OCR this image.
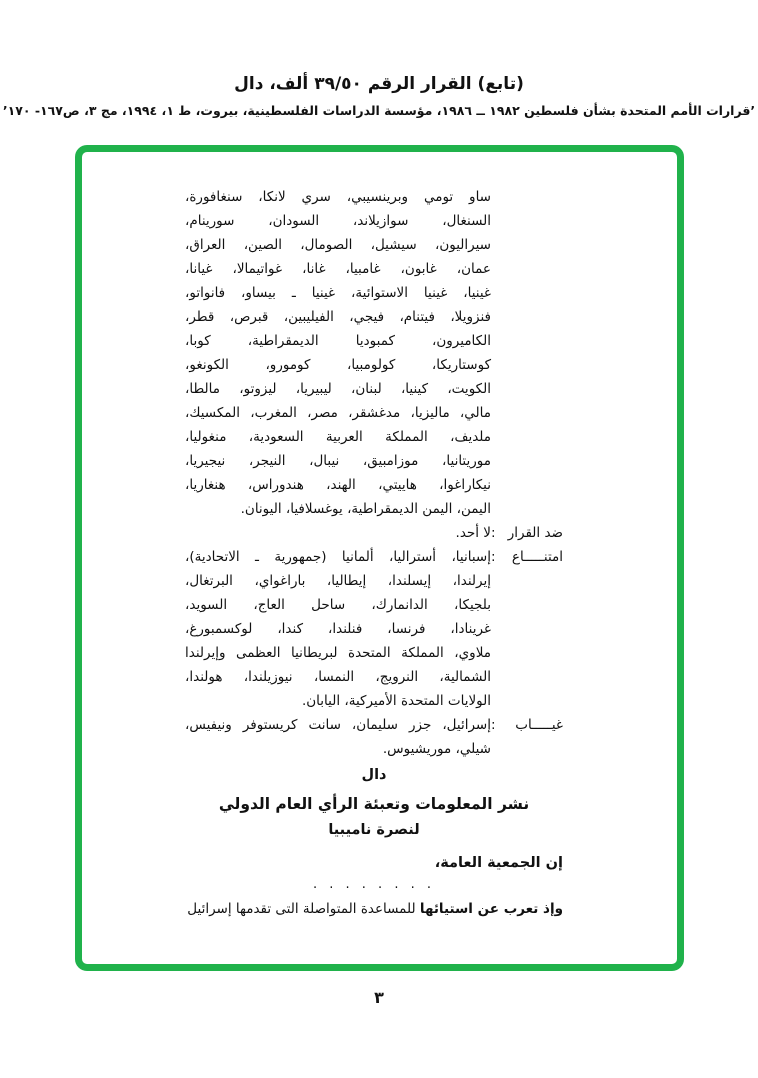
(تابع) القرار الرقم ٣٩/٥٠ ألف، دال
’قرارات الأمم المتحدة بشأن فلسطين ١٩٨٢ ــ ١٩٨٦، مؤسسة الدراسات الفلسطينية، بيروت، ط ١، ١٩٩٤، مج ٣، ص١٦٧- ١٧٠’
ساو تومي وبرينسيبي، سري لانكا، سنغافورة،
السنغال، سوازيلاند، السودان، سورينام،
سيراليون، سيشيل، الصومال، الصين، العراق،
عمان، غابون، غامبيا، غانا، غواتيمالا، غيانا،
غينيا، غينيا الاستوائية، غينيا ـ بيساو، فانواتو،
فنزويلا، فيتنام، فيجي، الفيليبين، قبرص، قطر،
الكاميرون، كمبوديا الديمقراطية، كوبا،
كوستاريكا، كولومبيا، كومورو، الكونغو،
الكويت، كينيا، لبنان، ليبيريا، ليزوتو، مالطا،
مالي، ماليزيا، مدغشقر، مصر، المغرب، المكسيك،
ملديف، المملكة العربية السعودية، منغوليا،
موريتانيا، موزامبيق، نيبال، النيجر، نيجيريا،
نيكاراغوا، هاييتي، الهند، هندوراس، هنغاريا،
اليمن، اليمن الديمقراطية، يوغسلافيا، اليونان.
ضد القرار
:
لا أحد.
امتنـــــاع
:
إسبانيا، أستراليا، ألمانيا (جمهورية ـ الاتحادية)،
إيرلندا، إيسلندا، إيطاليا، باراغواي، البرتغال،
بلجيكا، الدانمارك، ساحل العاج، السويد،
غرينادا، فرنسا، فنلندا، كندا، لوكسمبورغ،
ملاوي، المملكة المتحدة لبريطانيا العظمى وإيرلندا
الشمالية، النرويج، النمسا، نيوزيلندا، هولندا،
الولايات المتحدة الأميركية، اليابان.
غيـــــاب
:
إسرائيل، جزر سليمان، سانت كريستوفر ونيفيس،
شيلي، موريشيوس.
دال
نشر المعلومات وتعبئة الرأي العام الدولي
لنصرة ناميبيا
إن الجمعية العامة،
. . . . . . . .
وإذ تعرب عن استيائها للمساعدة المتواصلة التى تقدمها إسرائيل
٣
